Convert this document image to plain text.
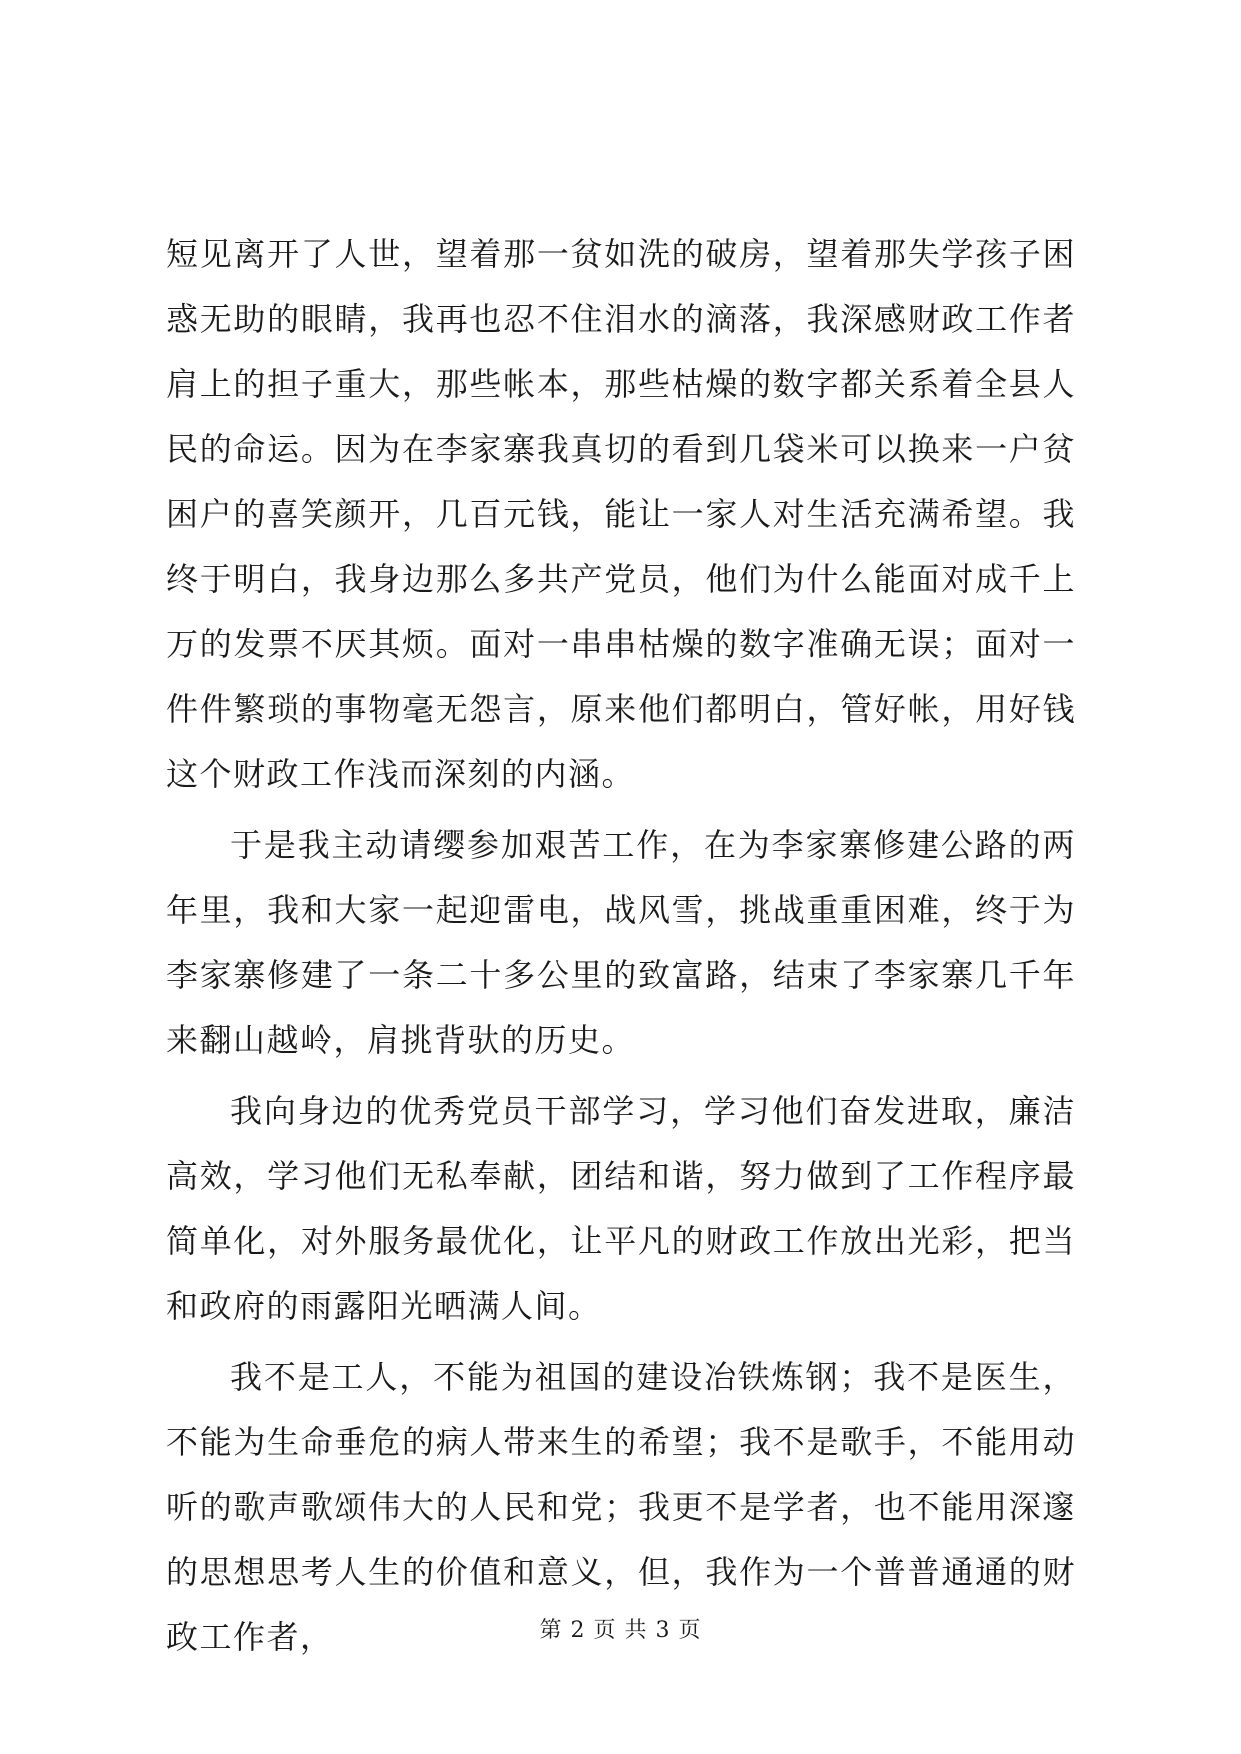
短见离开了人世，望着那一贫如洗的破房，望着那失学孩子困惑无助的眼睛，我再也忍不住泪水的滴落，我深感财政工作者肩上的担子重大，那些帐本，那些枯燥的数字都关系着全县人民的命运。因为在李家寨我真切的看到几袋米可以换来一户贫困户的喜笑颜开，几百元钱，能让一家人对生活充满希望。我终于明白，我身边那么多共产党员，他们为什么能面对成千上万的发票不厌其烦。面对一串串枯燥的数字准确无误；面对一件件繁琐的事物毫无怨言，原来他们都明白，管好帐，用好钱这个财政工作浅而深刻的内涵。

于是我主动请缨参加艰苦工作，在为李家寨修建公路的两年里，我和大家一起迎雷电，战风雪，挑战重重困难，终于为李家寨修建了一条二十多公里的致富路，结束了李家寨几千年来翻山越岭，肩挑背驮的历史。

我向身边的优秀党员干部学习，学习他们奋发进取，廉洁高效，学习他们无私奉献，团结和谐，努力做到了工作程序最简单化，对外服务最优化，让平凡的财政工作放出光彩，把当和政府的雨露阳光晒满人间。

我不是工人，不能为祖国的建设冶铁炼钢；我不是医生，不能为生命垂危的病人带来生的希望；我不是歌手，不能用动听的歌声歌颂伟大的人民和党；我更不是学者，也不能用深邃的思想思考人生的价值和意义，但，我作为一个普普通通的财政工作者，	第 2 页 共 3 页
